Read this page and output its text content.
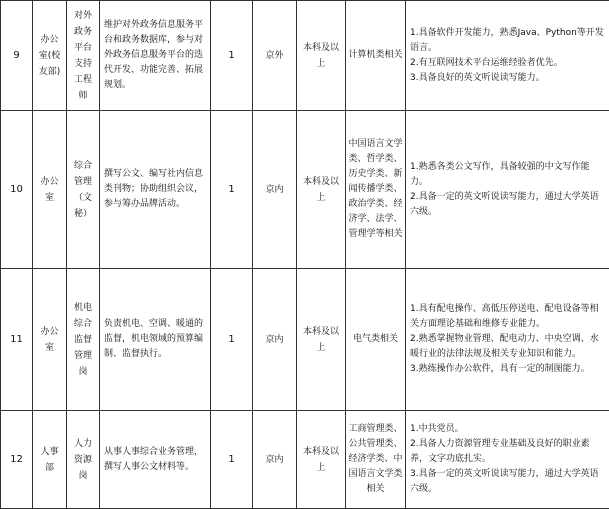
9	办公室(校友部)	对外政务平台支持工程师	维护对外政务信息服务平台和政务数据库，参与对外政务信息服务平台的迭代开发、功能完善、拓展规划。	1	京外	本科及以上	计算机类相关	1.具备软件开发能力，熟悉Java、Python等开发语言。
2.有互联网技术平台运维经验者优先。
3.具备良好的英文听说读写能力。

10	办公室	综合管理（文秘）	撰写公文、编写社内信息类刊物；协助组织会议，参与筹办品牌活动。	1	京内	本科及以上	中国语言文学类、哲学类、历史学类、新闻传播学类、政治学类、经济学、法学、管理学等相关	1.熟悉各类公文写作，具备较强的中文写作能力。
2.具备一定的英文听说读写能力，通过大学英语六级。

11	办公室	机电综合监督管理岗	负责机电、空调、暖通的监督，机电领域的预算编制、监督执行。	1	京内	本科及以上	电气类相关	1.具有配电操作、高低压停送电、配电设备等相关方面理论基础和维修专业能力。
2.熟悉掌握物业管理、配电动力、中央空调、水暖行业的法律法规及相关专业知识和能力。
3.熟练操作办公软件，具有一定的制图能力。

12	人事部	人力资源岗	从事人事综合业务管理，撰写人事公文材料等。	1	京内	本科及以上	工商管理类、公共管理类、经济学类、中国语言文学类相关	1.中共党员。
2.具备人力资源管理专业基础及良好的职业素养，文字功底扎实。
3.具备一定的英文听说读写能力，通过大学英语六级。
